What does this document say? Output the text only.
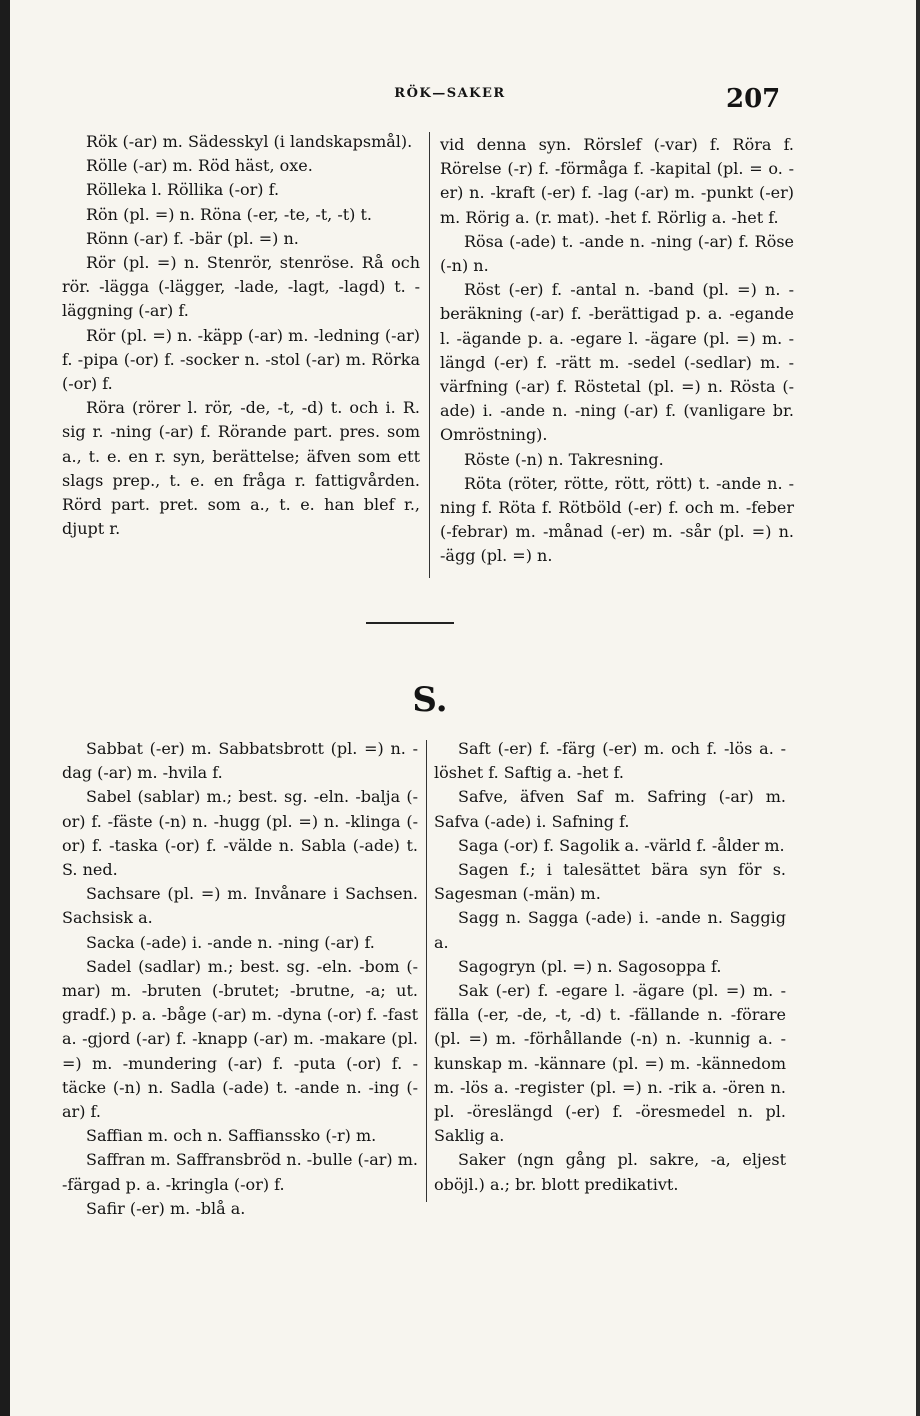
RÖK—SAKER	207

Rök (-ar) m. Sädesskyl (i landskapsmål).

Rölle (-ar) m. Röd häst, oxe.

Rölleka l. Röllika (-or) f.

Rön (pl. =) n. Röna (-er, -te, -t, -t) t.

Rönn (-ar) f. -bär (pl. =) n.

Rör (pl. =) n. Stenrör, stenröse. Rå och rör. -lägga (-lägger, -lade, -lagt, -lagd) t. -läggning (-ar) f.

Rör (pl. =) n. -käpp (-ar) m. -ledning (-ar) f. -pipa (-or) f. -socker n. -stol (-ar) m. Rörka (-or) f.

Röra (rörer l. rör, -de, -t, -d) t. och i. R. sig r. -ning (-ar) f. Rörande part. pres. som a., t. e. en r. syn, berättelse; äfven som ett slags prep., t. e. en fråga r. fattigvården. Rörd part. pret. som a., t. e. han blef r., djupt r.

vid denna syn. Rörslef (-var) f. Röra f. Rörelse (-r) f. -förmåga f. -kapital (pl. = o. -er) n. -kraft (-er) f. -lag (-ar) m. -punkt (-er) m. Rörig a. (r. mat). -het f. Rörlig a. -het f.

Rösa (-ade) t. -ande n. -ning (-ar) f. Röse (-n) n.

Röst (-er) f. -antal n. -band (pl. =) n. -beräkning (-ar) f. -berättigad p. a. -egande l. -ägande p. a. -egare l. -ägare (pl. =) m. -längd (-er) f. -rätt m. -sedel (-sedlar) m. -värfning (-ar) f. Röstetal (pl. =) n. Rösta (-ade) i. -ande n. -ning (-ar) f. (vanligare br. Omröstning).

Röste (-n) n. Takresning.

Röta (röter, rötte, rött, rött) t. -ande n. -ning f. Röta f. Rötböld (-er) f. och m. -feber (-febrar) m. -månad (-er) m. -sår (pl. =) n. -ägg (pl. =) n.

S.

Sabbat (-er) m. Sabbatsbrott (pl. =) n. -dag (-ar) m. -hvila f.

Sabel (sablar) m.; best. sg. -eln. -balja (-or) f. -fäste (-n) n. -hugg (pl. =) n. -klinga (-or) f. -taska (-or) f. -välde n. Sabla (-ade) t. S. ned.

Sachsare (pl. =) m. Invånare i Sachsen. Sachsisk a.

Sacka (-ade) i. -ande n. -ning (-ar) f.

Sadel (sadlar) m.; best. sg. -eln. -bom (-mar) m. -bruten (-brutet; -brutne, -a; ut. gradf.) p. a. -båge (-ar) m. -dyna (-or) f. -fast a. -gjord (-ar) f. -knapp (-ar) m. -makare (pl. =) m. -mundering (-ar) f. -puta (-or) f. -täcke (-n) n. Sadla (-ade) t. -ande n. -ing (-ar) f.

Saffian m. och n. Saffiansskо (-r) m.

Saffran m. Saffransbröd n. -bulle (-ar) m. -färgad p. a. -kringla (-or) f.

Safir (-er) m. -blå a.

Saft (-er) f. -färg (-er) m. och f. -lös a. -löshet f. Saftig a. -het f.

Safve, äfven Saf m. Safring (-ar) m. Safva (-ade) i. Safning f.

Saga (-or) f. Sagolik a. -värld f. -ålder m.

Sagen f.; i talesättet bära syn för s. Sagesman (-män) m.

Sagg n. Sagga (-ade) i. -ande n. Saggig a.

Sagogryn (pl. =) n. Sagosoppa f.

Sak (-er) f. -egare l. -ägare (pl. =) m. -fälla (-er, -de, -t, -d) t. -fällande n. -förare (pl. =) m. -förhållande (-n) n. -kunnig a. -kunskap m. -kännare (pl. =) m. -kännedom m. -lös a. -register (pl. =) n. -rik a. -ören n. pl. -öreslängd (-er) f. -öresmedel n. pl. Saklig a.

Saker (ngn gång pl. sakre, -a, eljest oböjl.) a.; br. blott predikativt.
